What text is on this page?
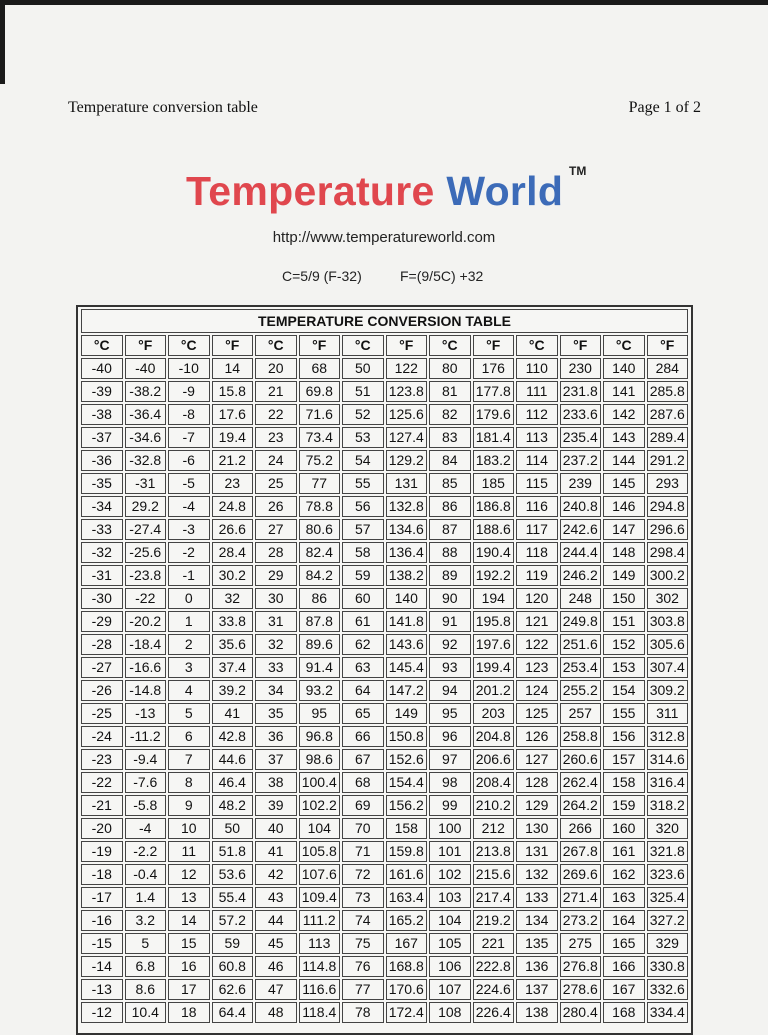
Temperature conversion table	Page 1 of 2
Temperature World TM
http://www.temperatureworld.com
C=5/9 (F-32)	F=(9/5C) +32
TEMPERATURE CONVERSION TABLE													
°C	°F	°C	°F	°C	°F	°C	°F	°C	°F	°C	°F	°C	°F
-40	-40	-10	14	20	68	50	122	80	176	110	230	140	284
-39	-38.2	-9	15.8	21	69.8	51	123.8	81	177.8	111	231.8	141	285.8
-38	-36.4	-8	17.6	22	71.6	52	125.6	82	179.6	112	233.6	142	287.6
-37	-34.6	-7	19.4	23	73.4	53	127.4	83	181.4	113	235.4	143	289.4
-36	-32.8	-6	21.2	24	75.2	54	129.2	84	183.2	114	237.2	144	291.2
-35	-31	-5	23	25	77	55	131	85	185	115	239	145	293
-34	29.2	-4	24.8	26	78.8	56	132.8	86	186.8	116	240.8	146	294.8
-33	-27.4	-3	26.6	27	80.6	57	134.6	87	188.6	117	242.6	147	296.6
-32	-25.6	-2	28.4	28	82.4	58	136.4	88	190.4	118	244.4	148	298.4
-31	-23.8	-1	30.2	29	84.2	59	138.2	89	192.2	119	246.2	149	300.2
-30	-22	0	32	30	86	60	140	90	194	120	248	150	302
-29	-20.2	1	33.8	31	87.8	61	141.8	91	195.8	121	249.8	151	303.8
-28	-18.4	2	35.6	32	89.6	62	143.6	92	197.6	122	251.6	152	305.6
-27	-16.6	3	37.4	33	91.4	63	145.4	93	199.4	123	253.4	153	307.4
-26	-14.8	4	39.2	34	93.2	64	147.2	94	201.2	124	255.2	154	309.2
-25	-13	5	41	35	95	65	149	95	203	125	257	155	311
-24	-11.2	6	42.8	36	96.8	66	150.8	96	204.8	126	258.8	156	312.8
-23	-9.4	7	44.6	37	98.6	67	152.6	97	206.6	127	260.6	157	314.6
-22	-7.6	8	46.4	38	100.4	68	154.4	98	208.4	128	262.4	158	316.4
-21	-5.8	9	48.2	39	102.2	69	156.2	99	210.2	129	264.2	159	318.2
-20	-4	10	50	40	104	70	158	100	212	130	266	160	320
-19	-2.2	11	51.8	41	105.8	71	159.8	101	213.8	131	267.8	161	321.8
-18	-0.4	12	53.6	42	107.6	72	161.6	102	215.6	132	269.6	162	323.6
-17	1.4	13	55.4	43	109.4	73	163.4	103	217.4	133	271.4	163	325.4
-16	3.2	14	57.2	44	111.2	74	165.2	104	219.2	134	273.2	164	327.2
-15	5	15	59	45	113	75	167	105	221	135	275	165	329
-14	6.8	16	60.8	46	114.8	76	168.8	106	222.8	136	276.8	166	330.8
-13	8.6	17	62.6	47	116.6	77	170.6	107	224.6	137	278.6	167	332.6
-12	10.4	18	64.4	48	118.4	78	172.4	108	226.4	138	280.4	168	334.4
